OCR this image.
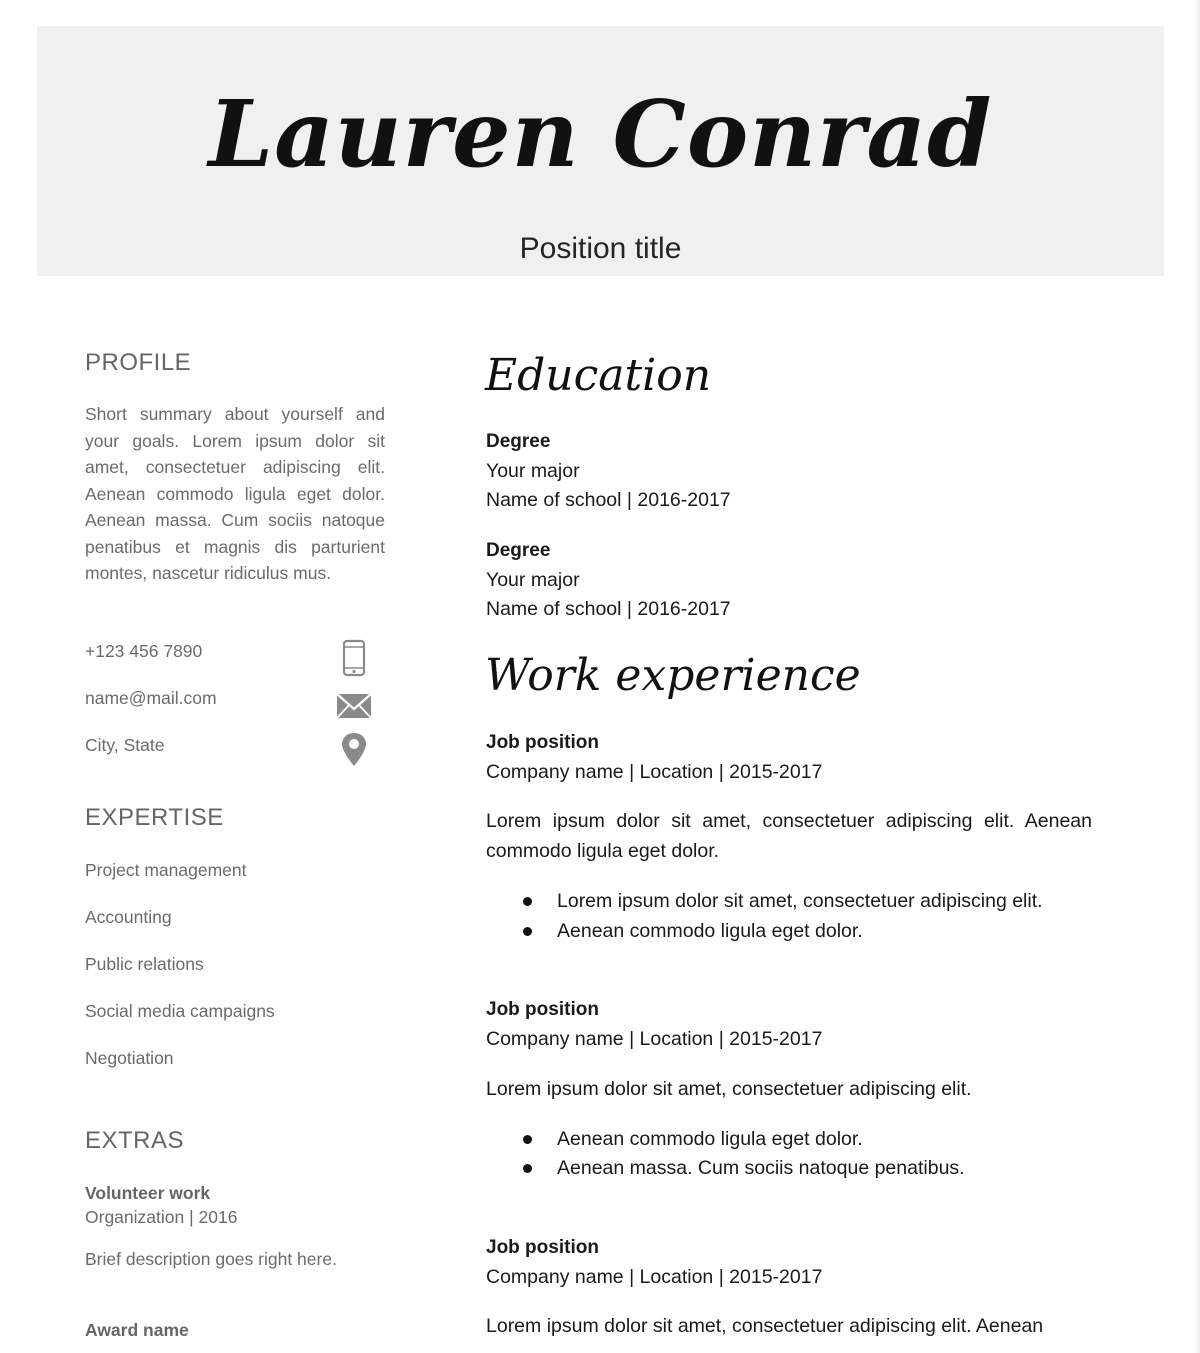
Lauren Conrad
Position title
PROFILE
Short summary about yourself and your goals. Lorem ipsum dolor sit amet, consectetuer adipiscing elit. Aenean commodo ligula eget dolor. Aenean massa. Cum sociis natoque penatibus et magnis dis parturient montes, nascetur ridiculus mus.
+123 456 7890
name@mail.com
City, State
EXPERTISE
Project management
Accounting
Public relations
Social media campaigns
Negotiation
EXTRAS
Volunteer work
Organization | 2016
Brief description goes right here.
Award name
Education
Degree
Your major
Name of school | 2016-2017
Degree
Your major
Name of school | 2016-2017
Work experience
Job position
Company name | Location | 2015-2017
Lorem ipsum dolor sit amet, consectetuer adipiscing elit. Aenean commodo ligula eget dolor.
Lorem ipsum dolor sit amet, consectetuer adipiscing elit.
Aenean commodo ligula eget dolor.
Job position
Company name | Location | 2015-2017
Lorem ipsum dolor sit amet, consectetuer adipiscing elit.
Aenean commodo ligula eget dolor.
Aenean massa. Cum sociis natoque penatibus.
Job position
Company name | Location | 2015-2017
Lorem ipsum dolor sit amet, consectetuer adipiscing elit. Aenean
